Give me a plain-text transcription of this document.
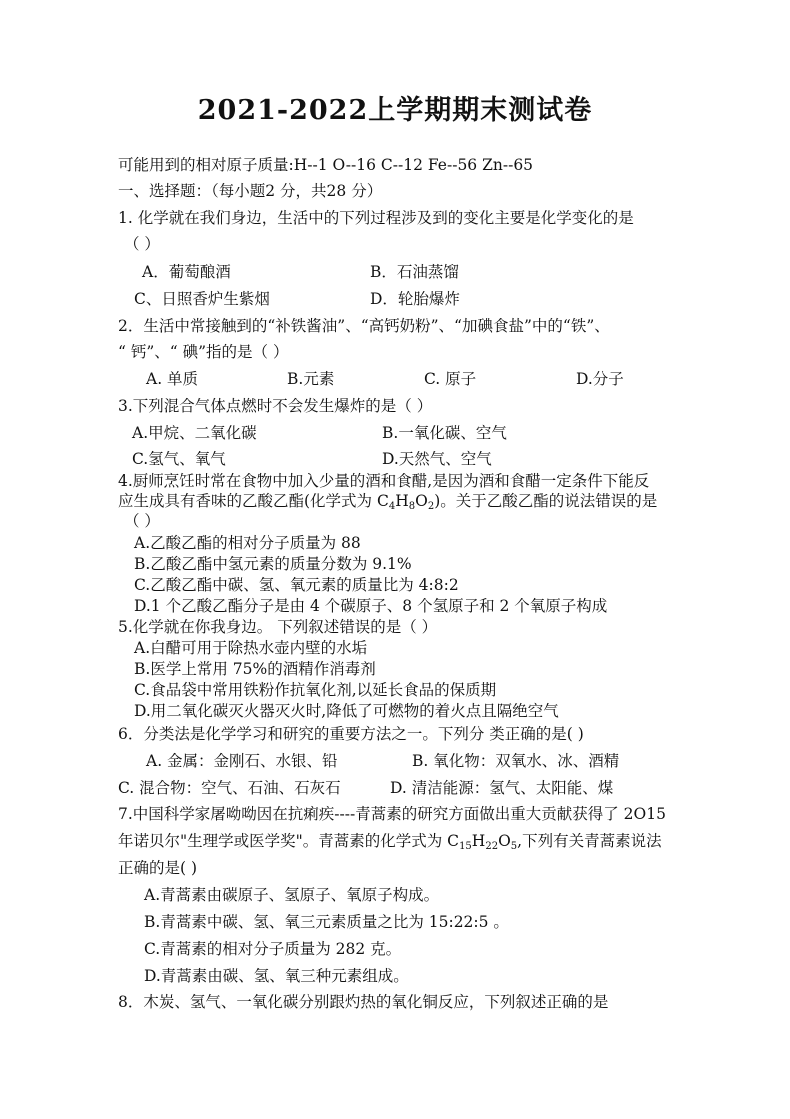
2021-2022上学期期末测试卷
可能用到的相对原子质量:H--1 O--16 C--12 Fe--56 Zn--65
一、选择题：（每小题2 分，共28 分）
1. 化学就在我们身边，生活中的下列过程涉及到的变化主要是化学变化的是
（ ）
A．葡萄酿酒	B．石油蒸馏
C、日照香炉生紫烟	D．轮胎爆炸
2．生活中常接触到的“补铁酱油”、“高钙奶粉”、“加碘食盐”中的“铁”、
“ 钙”、“ 碘”指的是（ ）
A. 单质	B.元素	C. 原子	D.分子
3.下列混合气体点燃时不会发生爆炸的是（ ）
A.甲烷、二氧化碳	B.一氧化碳、空气
C.氢气、氧气	D.天然气、空气
4.厨师烹饪时常在食物中加入少量的酒和食醋,是因为酒和食醋一定条件下能反
应生成具有香味的乙酸乙酯(化学式为 $C_4H_8O_2$)。关于乙酸乙酯的说法错误的是
（ ）
A.乙酸乙酯的相对分子质量为 88
B.乙酸乙酯中氢元素的质量分数为 9.1%
C.乙酸乙酯中碳、氢、氧元素的质量比为 4:8:2
D.1 个乙酸乙酯分子是由 4 个碳原子、8 个氢原子和 2 个氧原子构成
5.化学就在你我身边。 下列叙述错误的是（ ）
A.白醋可用于除热水壶内壁的水垢
B.医学上常用 75%的酒精作消毒剂
C.食品袋中常用铁粉作抗氧化剂,以延长食品的保质期
D.用二氧化碳灭火器灭火时,降低了可燃物的着火点且隔绝空气
6．分类法是化学学习和研究的重要方法之一。下列分 类正确的是( )
A. 金属：金刚石、水银、铅	B. 氧化物：双氧水、冰、酒精
C. 混合物：空气、石油、石灰石	D. 清洁能源：氢气、太阳能、煤
7.中国科学家屠呦呦因在抗痢疾----青蒿素的研究方面做出重大贡献获得了 2O15
年诺贝尔"生理学或医学奖"。青蒿素的化学式为 $C_{15}H_{22}O_5$,下列有关青蒿素说法
正确的是( )
A.青蒿素由碳原子、氢原子、氧原子构成。
B.青蒿素中碳、氢、氧三元素质量之比为 15:22:5 。
C.青蒿素的相对分子质量为 282 克。
D.青蒿素由碳、氢、氧三种元素组成。
8．木炭、氢气、一氧化碳分别跟灼热的氧化铜反应，下列叙述正确的是
